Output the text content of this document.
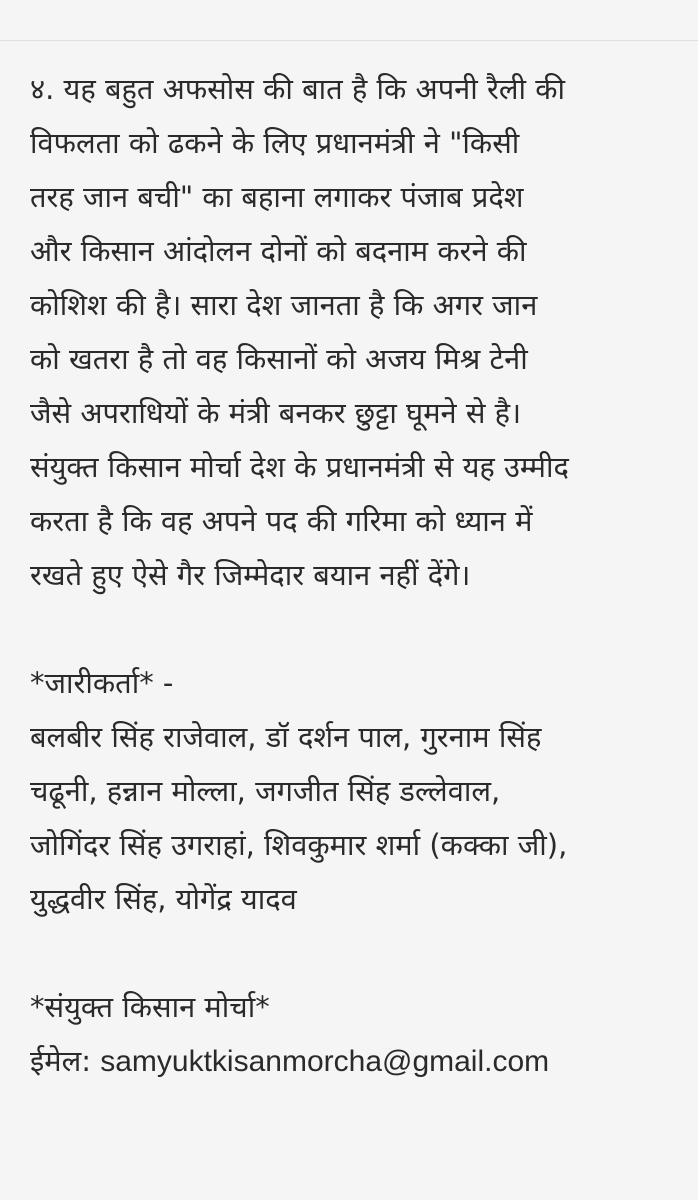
४. यह बहुत अफसोस की बात है कि अपनी रैली की
विफलता को ढकने के लिए प्रधानमंत्री ने "किसी
तरह जान बची" का बहाना लगाकर पंजाब प्रदेश
और किसान आंदोलन दोनों को बदनाम करने की
कोशिश की है। सारा देश जानता है कि अगर जान
को खतरा है तो वह किसानों को अजय मिश्र टेनी
जैसे अपराधियों के मंत्री बनकर छुट्टा घूमने से है।
संयुक्त किसान मोर्चा देश के प्रधानमंत्री से यह उम्मीद
करता है कि वह अपने पद की गरिमा को ध्यान में
रखते हुए ऐसे गैर जिम्मेदार बयान नहीं देंगे।
*जारीकर्ता* -
बलबीर सिंह राजेवाल, डॉ दर्शन पाल, गुरनाम सिंह
चढूनी, हन्नान मोल्ला, जगजीत सिंह डल्लेवाल,
जोगिंदर सिंह उगराहां, शिवकुमार शर्मा (कक्का जी),
युद्धवीर सिंह, योगेंद्र यादव
*संयुक्त किसान मोर्चा*
ईमेल: samyuktkisanmorcha@gmail.com
